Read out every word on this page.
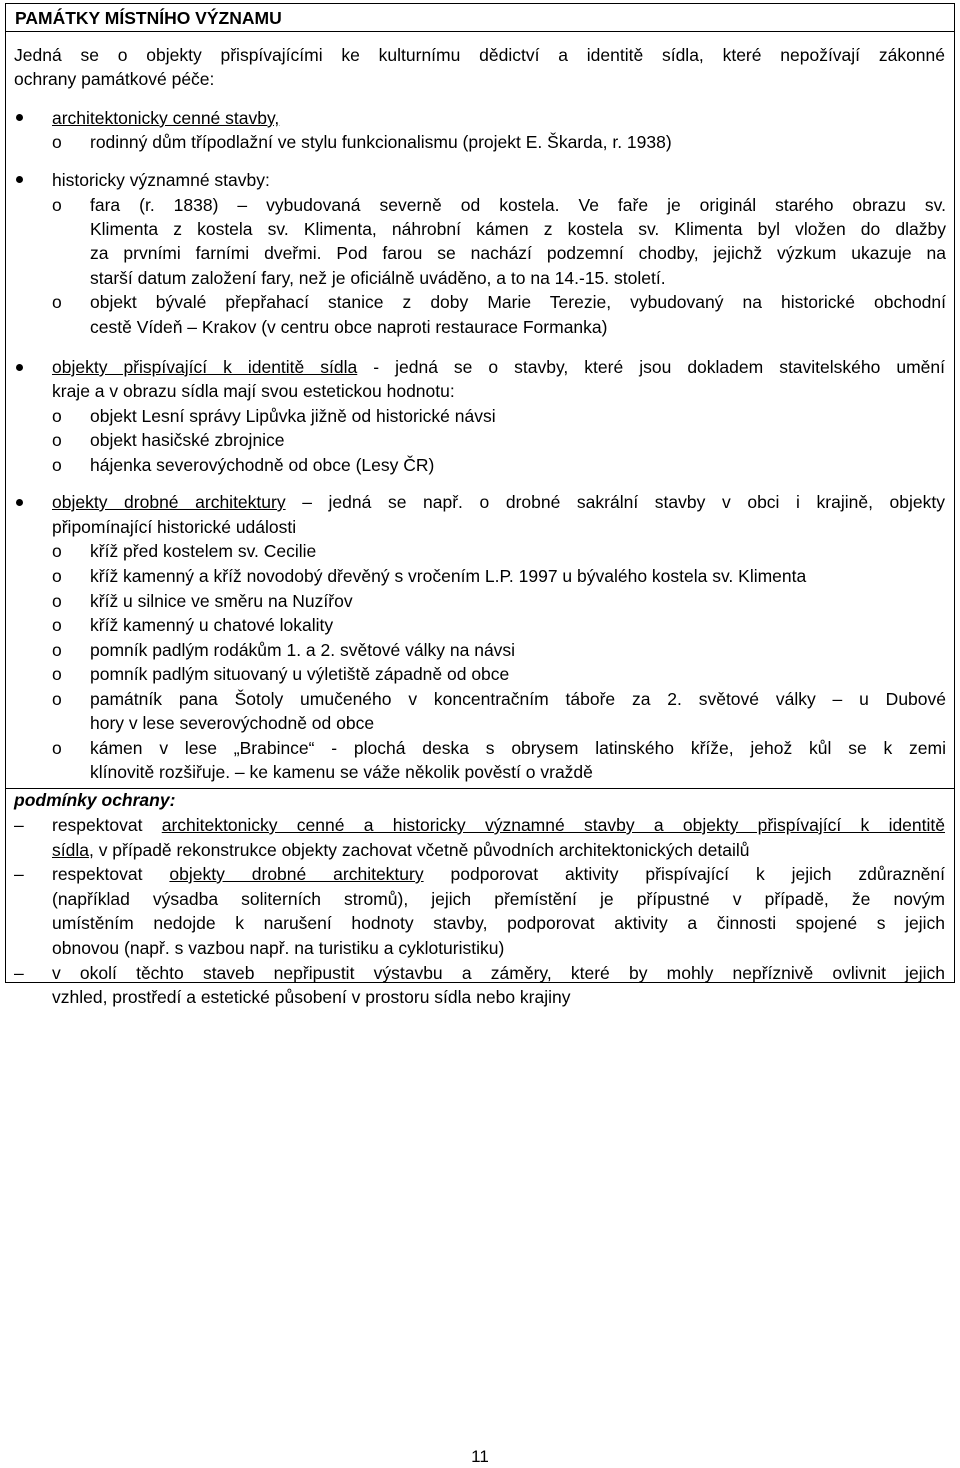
PAMÁTKY MÍSTNÍHO VÝZNAMU
Jedná se o objekty přispívajícími ke kulturnímu dědictví a identitě sídla, které nepožívají zákonné
ochrany památkové péče:
architektonicky cenné stavby,
o rodinný dům třípodlažní ve stylu funkcionalismu (projekt E. Škarda, r. 1938)
historicky významné stavby:
o fara (r. 1838) – vybudovaná severně od kostela. Ve faře je originál starého obrazu sv.
Klimenta z kostela sv. Klimenta, náhrobní kámen z kostela sv. Klimenta byl vložen do dlažby
za prvními farními dveřmi. Pod farou se nachází podzemní chodby, jejichž výzkum ukazuje na
starší datum založení fary, než je oficiálně uváděno, a to na 14.-15. století.
o objekt bývalé přepřahací stanice z doby Marie Terezie, vybudovaný na historické obchodní
cestě Vídeň – Krakov (v centru obce naproti restaurace Formanka)
objekty přispívající k identitě sídla - jedná se o stavby, které jsou dokladem stavitelského umění
kraje a v obrazu sídla mají svou estetickou hodnotu:
o objekt Lesní správy Lipůvka jižně od historické návsi
o objekt hasičské zbrojnice
o hájenka severovýchodně od obce (Lesy ČR)
objekty drobné architektury – jedná se např. o drobné sakrální stavby v obci i krajině, objekty
připomínající historické události
o kříž před kostelem sv. Cecilie
o kříž kamenný a kříž novodobý dřevěný s vročením L.P. 1997 u bývalého kostela sv. Klimenta
o kříž u silnice ve směru na Nuzířov
o kříž kamenný u chatové lokality
o pomník padlým rodákům 1. a 2. světové války na návsi
o pomník padlým situovaný u výletiště západně od obce
o památník pana Šotoly umučeného v koncentračním táboře za 2. světové války – u Dubové
hory v lese severovýchodně od obce
o kámen v lese „Brabince“ - plochá deska s obrysem latinského kříže, jehož kůl se k zemi
klínovitě rozšiřuje. – ke kamenu se váže několik pověstí o vraždě
podmínky ochrany:
– respektovat architektonicky cenné a historicky významné stavby a objekty přispívající k identitě
sídla, v případě rekonstrukce objekty zachovat včetně původních architektonických detailů
– respektovat objekty drobné architektury podporovat aktivity přispívající k jejich zdůraznění
(například výsadba soliterních stromů), jejich přemístění je přípustné v případě, že novým
umístěním nedojde k narušení hodnoty stavby, podporovat aktivity a činnosti spojené s jejich
obnovou (např. s vazbou např. na turistiku a cykloturistiku)
– v okolí těchto staveb nepřipustit výstavbu a záměry, které by mohly nepříznivě ovlivnit jejich
vzhled, prostředí a estetické působení v prostoru sídla nebo krajiny
11
